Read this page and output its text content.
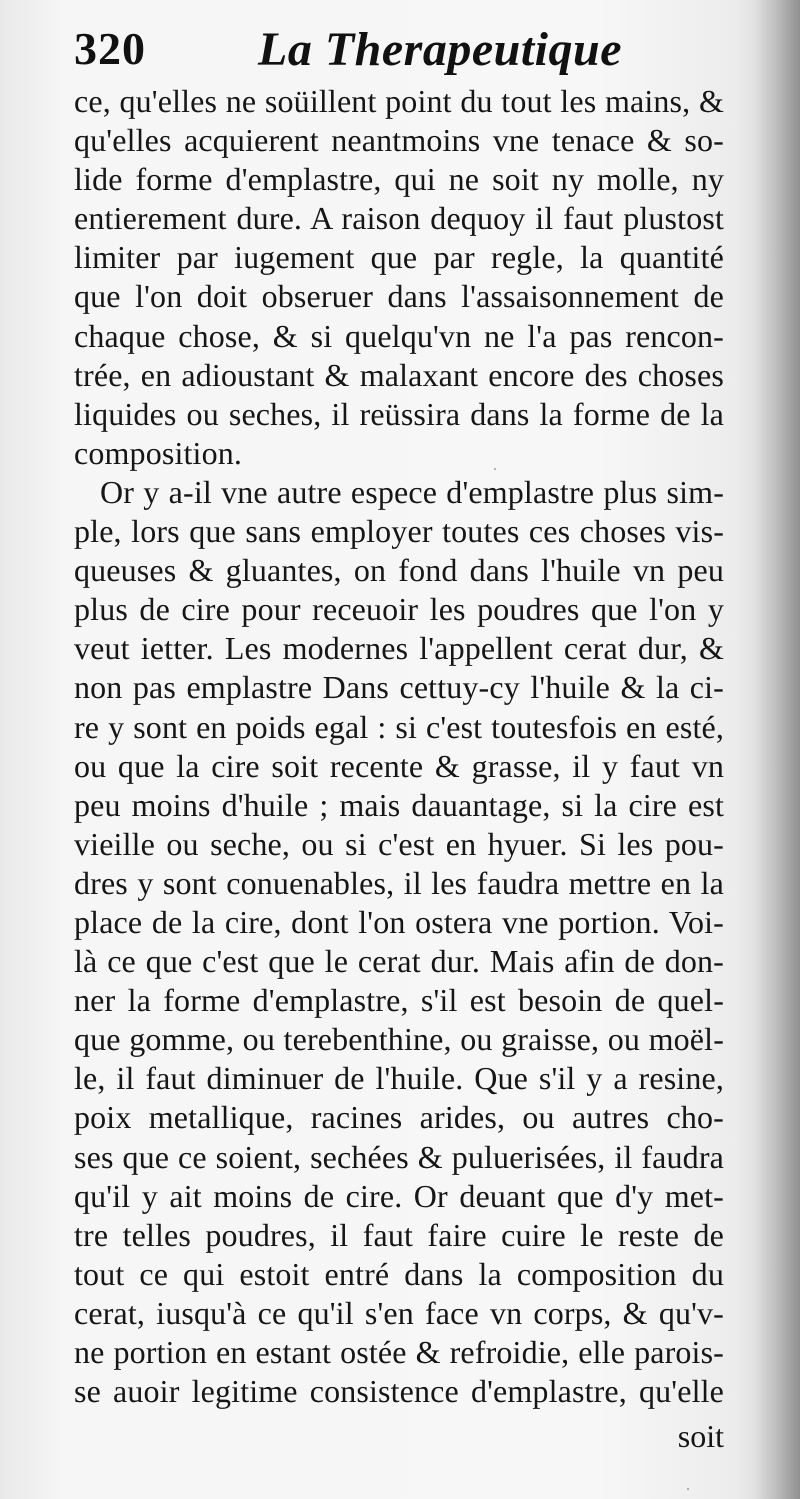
320 La Therapeutique
ce, qu'elles ne soüillent point du tout les mains, &
qu'elles acquierent neantmoins vne tenace & so-
lide forme d'emplastre, qui ne soit ny molle, ny
entierement dure. A raison dequoy il faut plustost
limiter par iugement que par regle, la quantité
que l'on doit obseruer dans l'assaisonnement de
chaque chose, & si quelqu'vn ne l'a pas rencon-
trée, en adioustant & malaxant encore des choses
liquides ou seches, il reüssira dans la forme de la
composition.
Or y a-il vne autre espece d'emplastre plus sim-
ple, lors que sans employer toutes ces choses vis-
queuses & gluantes, on fond dans l'huile vn peu
plus de cire pour receuoir les poudres que l'on y
veut ietter. Les modernes l'appellent cerat dur, &
non pas emplastre Dans cettuy-cy l'huile & la ci-
re y sont en poids egal : si c'est toutesfois en esté,
ou que la cire soit recente & grasse, il y faut vn
peu moins d'huile ; mais dauantage, si la cire est
vieille ou seche, ou si c'est en hyuer. Si les pou-
dres y sont conuenables, il les faudra mettre en la
place de la cire, dont l'on ostera vne portion. Voi-
là ce que c'est que le cerat dur. Mais afin de don-
ner la forme d'emplastre, s'il est besoin de quel-
que gomme, ou terebenthine, ou graisse, ou moël-
le, il faut diminuer de l'huile. Que s'il y a resine,
poix metallique, racines arides, ou autres cho-
ses que ce soient, sechées & puluerisées, il faudra
qu'il y ait moins de cire. Or deuant que d'y met-
tre telles poudres, il faut faire cuire le reste de
tout ce qui estoit entré dans la composition du
cerat, iusqu'à ce qu'il s'en face vn corps, & qu'v-
ne portion en estant ostée & refroidie, elle parois-
se auoir legitime consistence d'emplastre, qu'elle
soit
